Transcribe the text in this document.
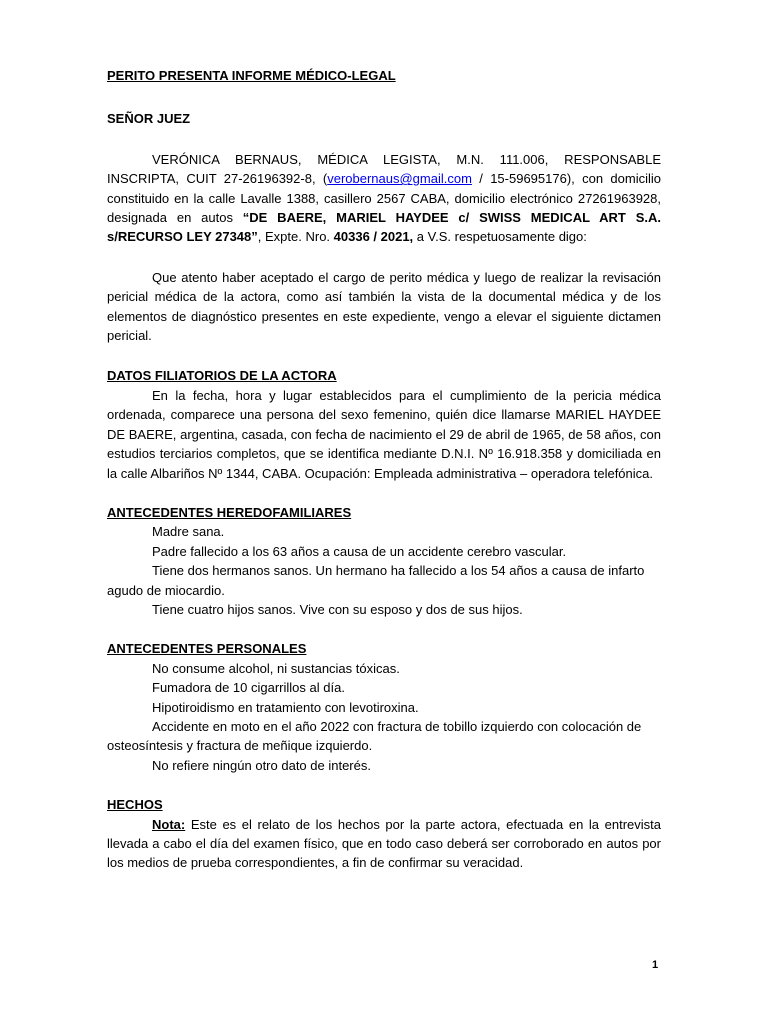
PERITO PRESENTA INFORME MÉDICO-LEGAL

SEÑOR JUEZ

VERÓNICA BERNAUS, MÉDICA LEGISTA, M.N. 111.006, RESPONSABLE INSCRIPTA, CUIT 27-26196392-8, (verobernaus@gmail.com / 15-59695176), con domicilio constituido en la calle Lavalle 1388, casillero 2567 CABA, domicilio electrónico 27261963928, designada en autos “DE BAERE, MARIEL HAYDEE c/ SWISS MEDICAL ART S.A. s/RECURSO LEY 27348”, Expte. Nro. 40336 / 2021, a V.S. respetuosamente digo:

Que atento haber aceptado el cargo de perito médica y luego de realizar la revisación pericial médica de la actora, como así también la vista de la documental médica y de los elementos de diagnóstico presentes en este expediente, vengo a elevar el siguiente dictamen pericial.

DATOS FILIATORIOS DE LA ACTORA

En la fecha, hora y lugar establecidos para el cumplimiento de la pericia médica ordenada, comparece una persona del sexo femenino, quién dice llamarse MARIEL HAYDEE DE BAERE, argentina, casada, con fecha de nacimiento el 29 de abril de 1965, de 58 años, con estudios terciarios completos, que se identifica mediante D.N.I. Nº 16.918.358 y domiciliada en la calle Albariños Nº 1344, CABA. Ocupación: Empleada administrativa – operadora telefónica.

ANTECEDENTES HEREDOFAMILIARES

Madre sana.

Padre fallecido a los 63 años a causa de un accidente cerebro vascular.

Tiene dos hermanos sanos. Un hermano ha fallecido a los 54 años a causa de infarto agudo de miocardio.

Tiene cuatro hijos sanos. Vive con su esposo y dos de sus hijos.

ANTECEDENTES PERSONALES

No consume alcohol, ni sustancias tóxicas.

Fumadora de 10 cigarrillos al día.

Hipotiroidismo en tratamiento con levotiroxina.

Accidente en moto en el año 2022 con fractura de tobillo izquierdo con colocación de osteosíntesis y fractura de meñique izquierdo.

No refiere ningún otro dato de interés.

HECHOS

Nota: Este es el relato de los hechos por la parte actora, efectuada en la entrevista llevada a cabo el día del examen físico, que en todo caso deberá ser corroborado en autos por los medios de prueba correspondientes, a fin de confirmar su veracidad.

1
